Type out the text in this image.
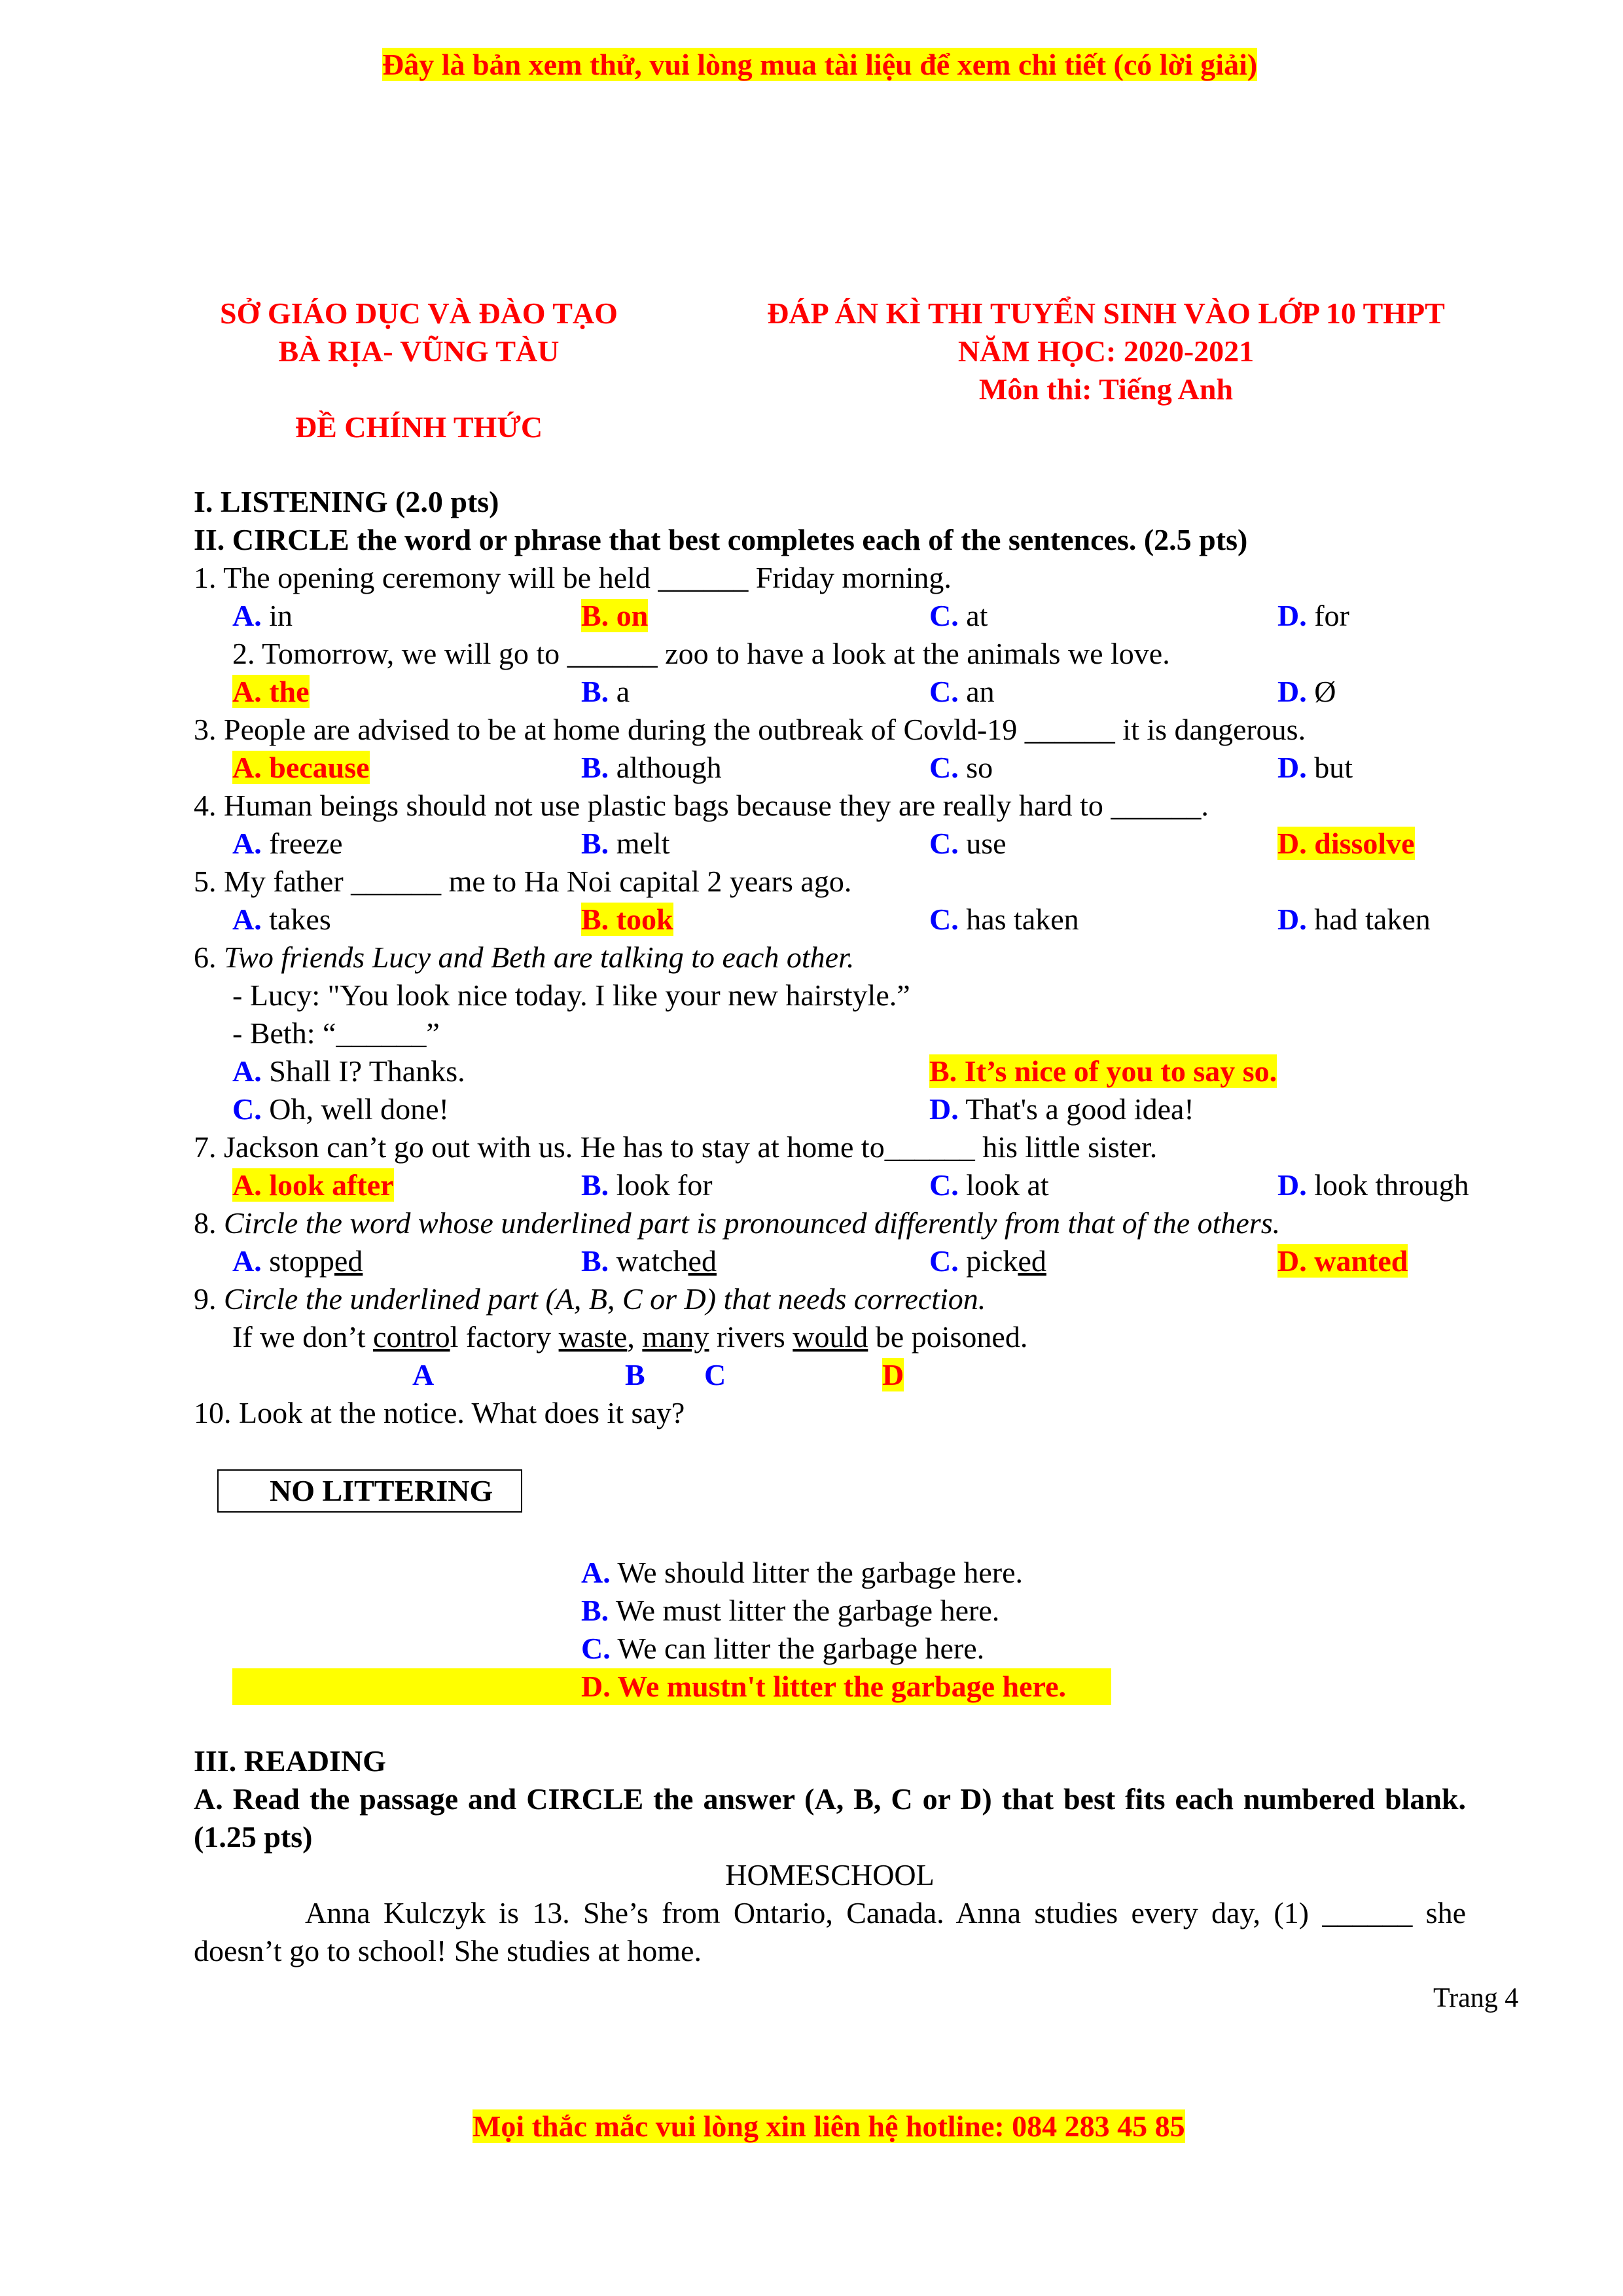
Đây là bản xem thử, vui lòng mua tài liệu để xem chi tiết (có lời giải)
SỞ GIÁO DỤC VÀ ĐÀO TẠO
BÀ RỊA- VŨNG TÀU
ĐỀ CHÍNH THỨC
ĐÁP ÁN KÌ THI TUYỂN SINH VÀO LỚP 10 THPT
NĂM HỌC: 2020-2021
Môn thi: Tiếng Anh
I. LISTENING (2.0 pts)
II. CIRCLE the word or phrase that best completes each of the sentences. (2.5 pts)
1. The opening ceremony will be held ______ Friday morning.
A. in	B. on	C. at	D. for
2. Tomorrow, we will go to ______ zoo to have a look at the animals we love.
A. the	B. a	C. an	D. Ø
3. People are advised to be at home during the outbreak of Covld-19 ______ it is dangerous.
A. because	B. although	C. so	D. but
4. Human beings should not use plastic bags because they are really hard to ______.
A. freeze	B. melt	C. use	D. dissolve
5. My father ______ me to Ha Noi capital 2 years ago.
A. takes	B. took	C. has taken	D. had taken
6. Two friends Lucy and Beth are talking to each other.
- Lucy: "You look nice today. I like your new hairstyle.”
- Beth: “______”
A. Shall I? Thanks.	B. It’s nice of you to say so.
C. Oh, well done!	D. That's a good idea!
7. Jackson can’t go out with us. He has to stay at home to______ his little sister.
A. look after	B. look for	C. look at	D. look through
8. Circle the word whose underlined part is pronounced differently from that of the others.
A. stopped	B. watched	C. picked	D. wanted
9. Circle the underlined part (A, B, C or D) that needs correction.
If we don’t control factory waste, many rivers would be poisoned.
A	B C	D
10. Look at the notice. What does it say?
NO LITTERING
A. We should litter the garbage here.
B. We must litter the garbage here.
C. We can litter the garbage here.
D. We mustn't litter the garbage here.
III. READING
A. Read the passage and CIRCLE the answer (A, B, C or D) that best fits each numbered blank. (1.25 pts)
HOMESCHOOL
Anna Kulczyk is 13. She’s from Ontario, Canada. Anna studies every day, (1) ______ she doesn’t go to school! She studies at home.
Trang 4
Mọi thắc mắc vui lòng xin liên hệ hotline: 084 283 45 85
